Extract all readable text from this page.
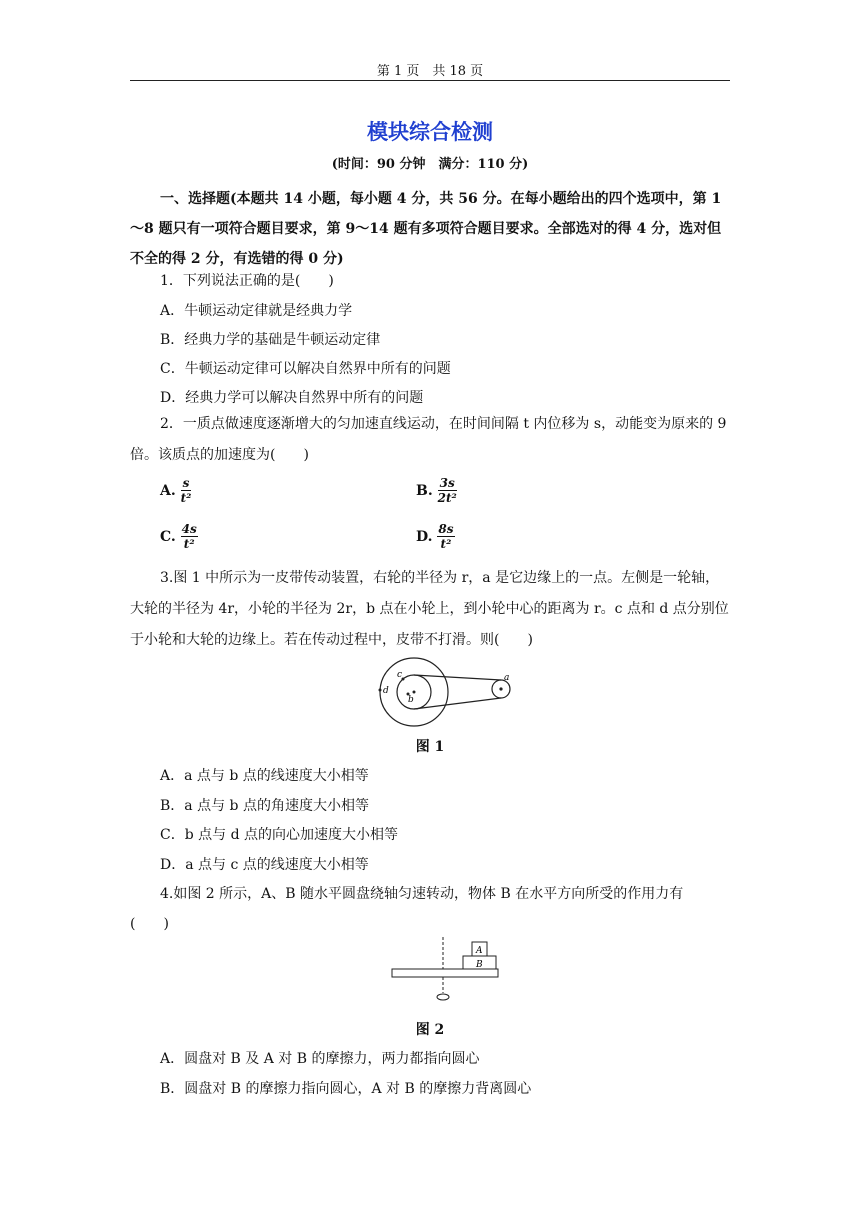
第 1 页　共 18 页
模块综合检测
(时间：90 分钟　满分：110 分)
一、选择题(本题共 14 小题，每小题 4 分，共 56 分。在每小题给出的四个选项中，第 1～8 题只有一项符合题目要求，第 9～14 题有多项符合题目要求。全部选对的得 4 分，选对但不全的得 2 分，有选错的得 0 分)
1．下列说法正确的是(　　)
A．牛顿运动定律就是经典力学
B．经典力学的基础是牛顿运动定律
C．牛顿运动定律可以解决自然界中所有的问题
D．经典力学可以解决自然界中所有的问题
2．一质点做速度逐渐增大的匀加速直线运动，在时间间隔 t 内位移为 s，动能变为原来的 9 倍。该质点的加速度为(　　)
A. $\frac{s}{\text{t²}}$	B. $\frac{3s}{\text{2t²}}$
C. $\frac{4s}{\text{t²}}$	D. $\frac{8s}{\text{t²}}$
3.图 1 中所示为一皮带传动装置，右轮的半径为 r，a 是它边缘上的一点。左侧是一轮轴，大轮的半径为 4r，小轮的半径为 2r，b 点在小轮上，到小轮中心的距离为 r。c 点和 d 点分别位于小轮和大轮的边缘上。若在传动过程中，皮带不打滑。则(　　)
c
b
d
a
图 1
A．a 点与 b 点的线速度大小相等
B．a 点与 b 点的角速度大小相等
C．b 点与 d 点的向心加速度大小相等
D．a 点与 c 点的线速度大小相等
4.如图 2 所示，A、B 随水平圆盘绕轴匀速转动，物体 B 在水平方向所受的作用力有
(　　)
A
B
图 2
A．圆盘对 B 及 A 对 B 的摩擦力，两力都指向圆心
B．圆盘对 B 的摩擦力指向圆心，A 对 B 的摩擦力背离圆心
